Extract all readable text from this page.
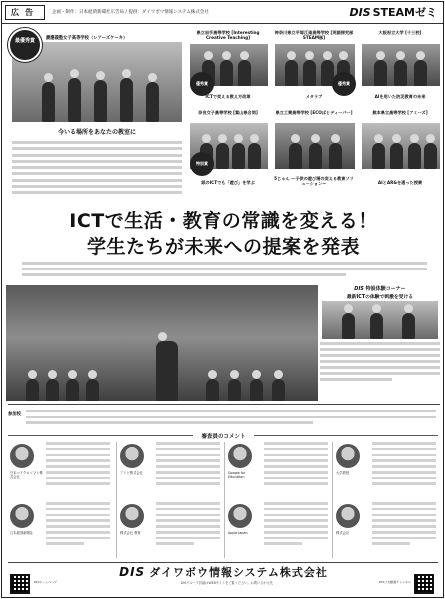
広告	企画・制作：日本経済新聞社広告局 / 提供：ダイワボウ情報システム株式会社	DIS STEAMゼミ
慶應義塾女子高等学校（レアーズケーキ）
最優秀賞
今いる場所をあなたの教室に
県立岩手高等学校 [Interesting Creative Teaching]
優秀賞
ICTで変える教え方改革
神奈川県立平塚江南高等学校 [英語探究部STEAM部]
優秀賞
メタラブ
大阪府立大学 [十三校]
AIを用いた防災教育の未来
奈良女子高等学校 [富山県合同]
特別賞
紙のICTでも「遊び」を学ぶ
県立工業高等学校 [ECOばとディーバー]
5じゃん ～子供の遊び場の変える教育ソリューション～
熊本県立高等学校 [アミーズ]
AIとAR&を通った授業
ICTで生活・教育の常識を変える！
学生たちが未来への提案を発表
DIS 特設体験コーナー
最新ICTの体験で刺激を受ける
参加校
審査員のコメント
日本マイクロソフト株式会社
アドビ株式会社	Google for Education
大学教授
日本経済新聞社	株式会社 教育	Apple Japan	株式会社
DIS ダイワボウ情報システム株式会社
DISグループ詳細はWEBサイトをご覧ください。お問い合わせ先
DISホームページ	DIS公式動画チャンネル
